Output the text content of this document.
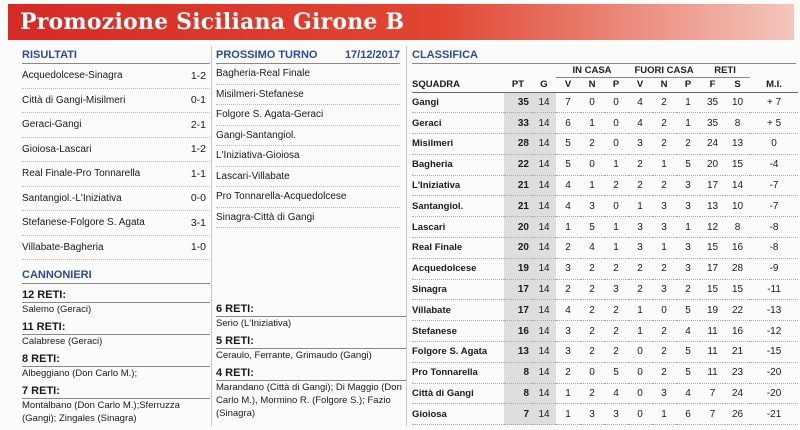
Promozione Siciliana Girone B
RISULTATI
Acquedolcese-Sinagra	1-2
Città di Gangi-Misilmeri	0-1
Geraci-Gangi	2-1
Gioiosa-Lascari	1-2
Real Finale-Pro Tonnarella	1-1
Santangiol.-L'Iniziativa	0-0
Stefanese-Folgore S. Agata	3-1
Villabate-Bagheria	1-0
PROSSIMO TURNO 17/12/2017
Bagheria-Real Finale
Misilmeri-Stefanese
Folgore S. Agata-Geraci
Gangi-Santangiol.
L'Iniziativa-Gioiosa
Lascari-Villabate
Pro Tonnarella-Acquedolcese
Sinagra-Città di Gangi
CANNONIERI
12 RETI:
Salemo (Geraci)
11 RETI:
Calabrese (Geraci)
8 RETI:
Albeggiano (Don Carlo M.);
7 RETI:
Montalbano (Don Carlo M.);Sferruzza (Gangi); Zingales (Sinagra)
6 RETI:
Serio (L'Iniziativa)
5 RETI:
Ceraulo, Ferrante, Grimaudo (Gangi)
4 RETI:
Marandano (Città di Gangi); Di Maggio (Don Carlo M.), Mormino R. (Folgore S.); Fazio (Sinagra)
CLASSIFICA
			IN CASA			FUORI CASA			RETI		
SQUADRA	PT	G	V	N	P	V	N	P	F	S	M.I.
Gangi	35	14	7	0	0	4	2	1	35	10	+ 7
Geraci	33	14	6	1	0	4	2	1	35	8	+ 5
Misilmeri	28	14	5	2	0	3	2	2	24	13	0
Bagheria	22	14	5	0	1	2	1	5	20	15	-4
L'Iniziativa	21	14	4	1	2	2	2	3	17	14	-7
Santangiol.	21	14	4	3	0	1	3	3	13	10	-7
Lascari	20	14	1	5	1	3	3	1	12	8	-8
Real Finale	20	14	2	4	1	3	1	3	15	16	-8
Acquedolcese	19	14	3	2	2	2	2	3	17	28	-9
Sinagra	17	14	2	2	3	2	3	2	15	15	-11
Villabate	17	14	4	2	2	1	0	5	19	22	-13
Stefanese	16	14	3	2	2	1	2	4	11	16	-12
Folgore S. Agata	13	14	3	2	2	0	2	5	11	21	-15
Pro Tonnarella	8	14	2	0	5	0	2	5	11	23	-20
Città di Gangi	8	14	1	2	4	0	3	4	7	24	-20
Gioiosa	7	14	1	3	3	0	1	6	7	26	-21
